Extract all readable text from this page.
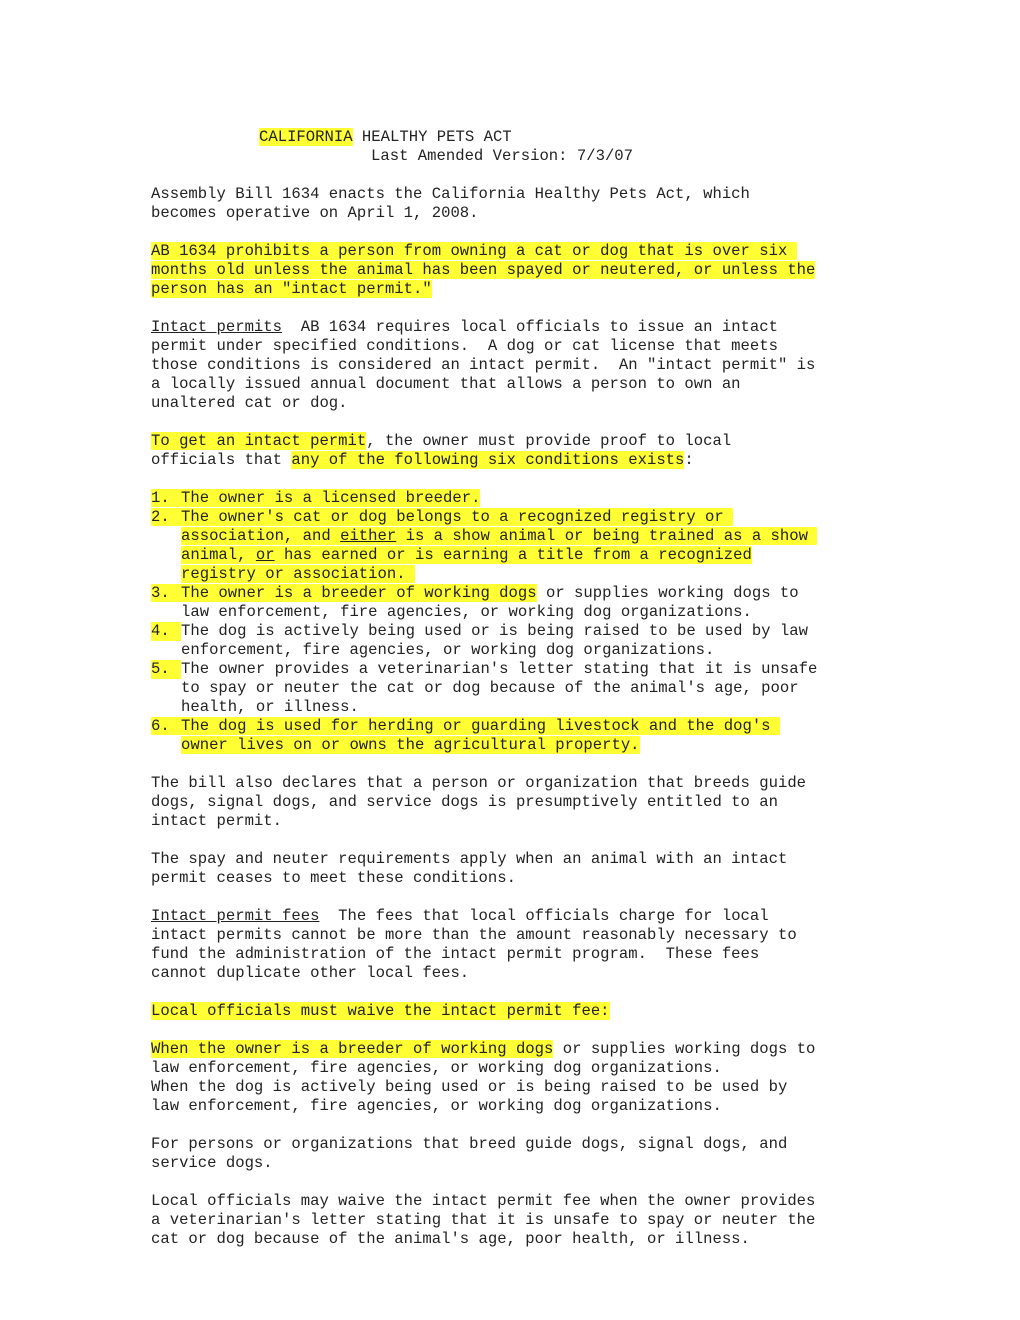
CALIFORNIA HEALTHY PETS ACT
Last Amended Version: 7/3/07
Assembly Bill 1634 enacts the California Healthy Pets Act, which
becomes operative on April 1, 2008.
AB 1634 prohibits a person from owning a cat or dog that is over six
months old unless the animal has been spayed or neutered, or unless the
person has an "intact permit."
Intact permits  AB 1634 requires local officials to issue an intact
permit under specified conditions.  A dog or cat license that meets
those conditions is considered an intact permit.  An "intact permit" is
a locally issued annual document that allows a person to own an
unaltered cat or dog.
To get an intact permit, the owner must provide proof to local
officials that any of the following six conditions exists:
1. The owner is a licensed breeder.
2. The owner's cat or dog belongs to a recognized registry or
association, and either is a show animal or being trained as a show
animal, or has earned or is earning a title from a recognized
registry or association.
3. The owner is a breeder of working dogs or supplies working dogs to
law enforcement, fire agencies, or working dog organizations.
4. The dog is actively being used or is being raised to be used by law
enforcement, fire agencies, or working dog organizations.
5. The owner provides a veterinarian's letter stating that it is unsafe
to spay or neuter the cat or dog because of the animal's age, poor
health, or illness.
6. The dog is used for herding or guarding livestock and the dog's
owner lives on or owns the agricultural property.
The bill also declares that a person or organization that breeds guide
dogs, signal dogs, and service dogs is presumptively entitled to an
intact permit.
The spay and neuter requirements apply when an animal with an intact
permit ceases to meet these conditions.
Intact permit fees  The fees that local officials charge for local
intact permits cannot be more than the amount reasonably necessary to
fund the administration of the intact permit program.  These fees
cannot duplicate other local fees.
Local officials must waive the intact permit fee:
When the owner is a breeder of working dogs or supplies working dogs to
law enforcement, fire agencies, or working dog organizations.
When the dog is actively being used or is being raised to be used by
law enforcement, fire agencies, or working dog organizations.
For persons or organizations that breed guide dogs, signal dogs, and
service dogs.
Local officials may waive the intact permit fee when the owner provides
a veterinarian's letter stating that it is unsafe to spay or neuter the
cat or dog because of the animal's age, poor health, or illness.
